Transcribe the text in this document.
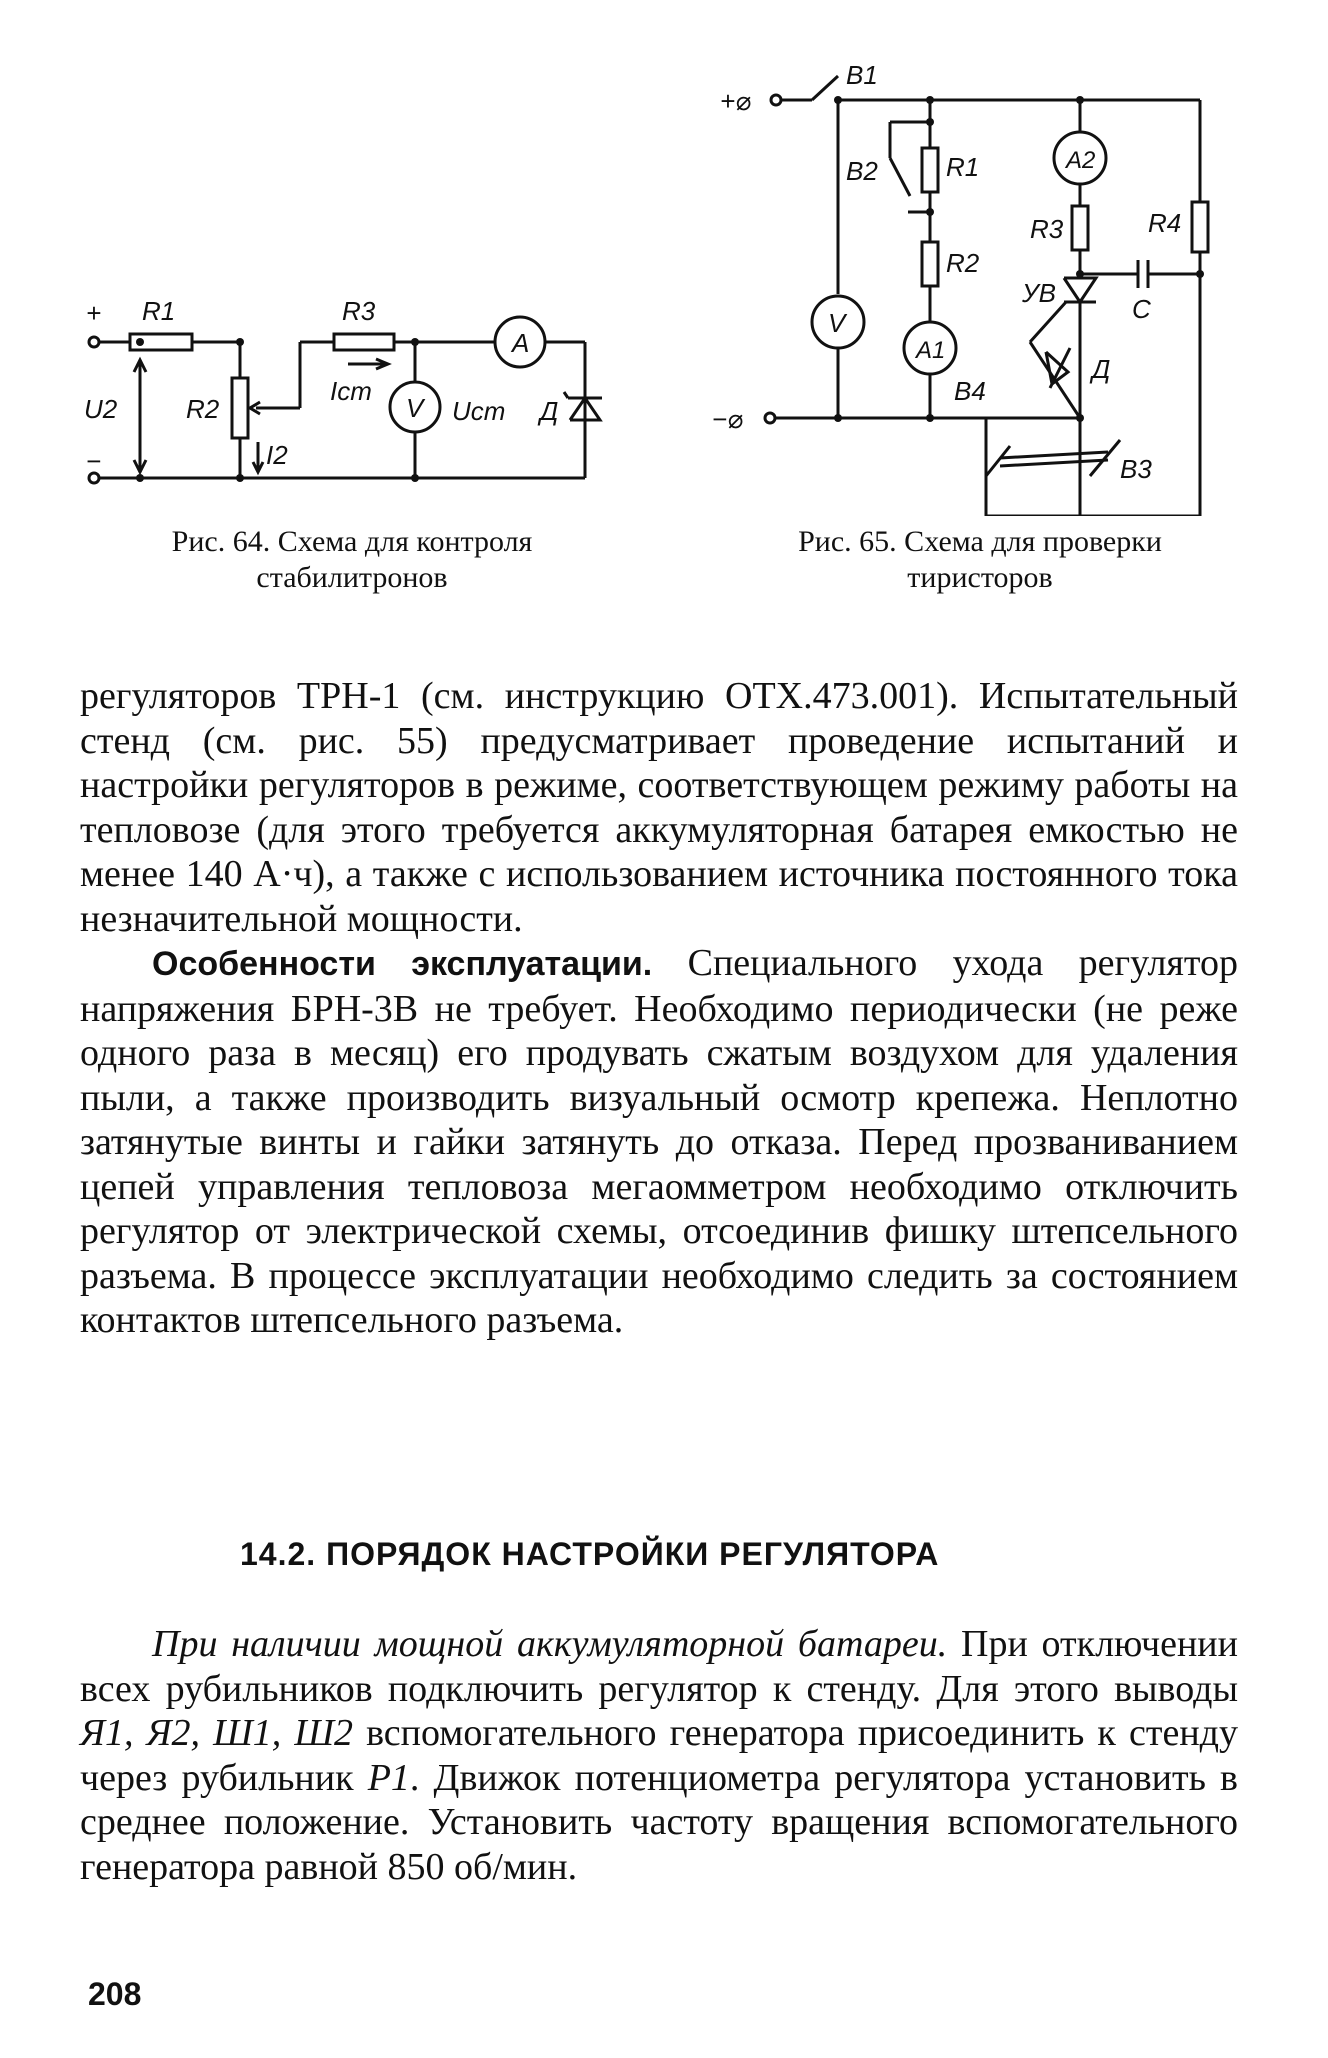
+
−
R1
R2
R3
U2
I2
Iст
Uст
A
V	Д
Рис. 64. Схема для контроля
стабилитронов
+⌀
−⌀
В1
В2
В3
В4
R1
R2
R3	R4
A1
A2
V
УВ
С
Д
Рис. 65. Схема для проверки
тиристоров

регуляторов ТРН-1 (см. инструкцию ОТХ.473.001). Испытательный стенд (см. рис. 55) предусматривает проведение испытаний и настройки регуляторов в режиме, соответствующем режиму работы на тепловозе (для этого требуется аккумуляторная батарея емкостью не менее 140 А·ч), а также с использованием источника постоянного тока незначительной мощности.

Особенности эксплуатации. Специального ухода регулятор напряжения БРН-3В не требует. Необходимо периодически (не реже одного раза в месяц) его продувать сжатым воздухом для удаления пыли, а также производить визуальный осмотр крепежа. Неплотно затянутые винты и гайки затянуть до отказа. Перед прозваниванием цепей управления тепловоза мегаомметром необходимо отключить регулятор от электрической схемы, отсоединив фишку штепсельного разъема. В процессе эксплуатации необходимо следить за состоянием контактов штепсельного разъема.

14.2. ПОРЯДОК НАСТРОЙКИ РЕГУЛЯТОРА

При наличии мощной аккумуляторной батареи. При отключении всех рубильников подключить регулятор к стенду. Для этого выводы Я1, Я2, Ш1, Ш2 вспомогательного генератора присоединить к стенду через рубильник Р1. Движок потенциометра регулятора установить в среднее положение. Установить частоту вращения вспомогательного генератора равной 850 об/мин.

208
